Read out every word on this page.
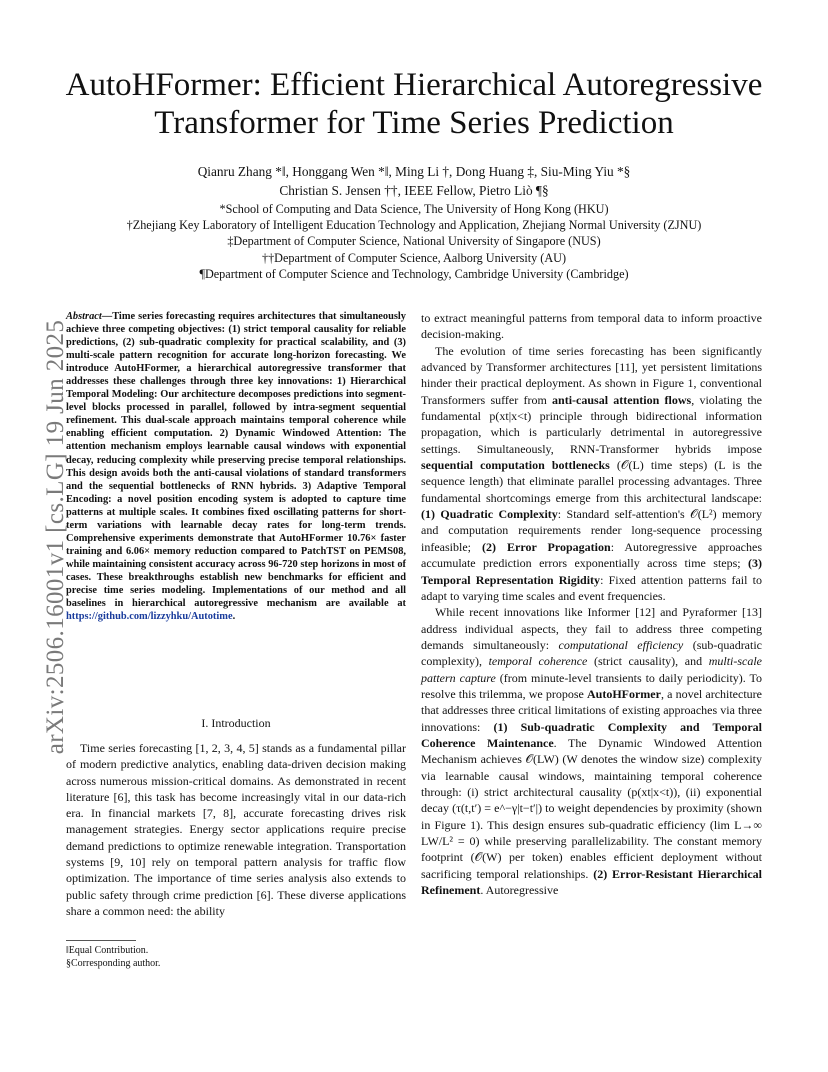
arXiv:2506.16001v1 [cs.LG] 19 Jun 2025
AutoHFormer: Efficient Hierarchical Autoregressive Transformer for Time Series Prediction
Qianru Zhang *‖, Honggang Wen *‖, Ming Li †, Dong Huang ‡, Siu-Ming Yiu *§
Christian S. Jensen ††, IEEE Fellow, Pietro Liò ¶§
*School of Computing and Data Science, The University of Hong Kong (HKU)
†Zhejiang Key Laboratory of Intelligent Education Technology and Application, Zhejiang Normal University (ZJNU)
‡Department of Computer Science, National University of Singapore (NUS)
††Department of Computer Science, Aalborg University (AU)
¶Department of Computer Science and Technology, Cambridge University (Cambridge)
Abstract—Time series forecasting requires architectures that simultaneously achieve three competing objectives: (1) strict temporal causality for reliable predictions, (2) sub-quadratic complexity for practical scalability, and (3) multi-scale pattern recognition for accurate long-horizon forecasting. We introduce AutoHFormer, a hierarchical autoregressive transformer that addresses these challenges through three key innovations: 1) Hierarchical Temporal Modeling: Our architecture decomposes predictions into segment-level blocks processed in parallel, followed by intra-segment sequential refinement. This dual-scale approach maintains temporal coherence while enabling efficient computation. 2) Dynamic Windowed Attention: The attention mechanism employs learnable causal windows with exponential decay, reducing complexity while preserving precise temporal relationships. This design avoids both the anti-causal violations of standard transformers and the sequential bottlenecks of RNN hybrids. 3) Adaptive Temporal Encoding: a novel position encoding system is adopted to capture time patterns at multiple scales. It combines fixed oscillating patterns for short-term variations with learnable decay rates for long-term trends. Comprehensive experiments demonstrate that AutoHFormer 10.76× faster training and 6.06× memory reduction compared to PatchTST on PEMS08, while maintaining consistent accuracy across 96-720 step horizons in most of cases. These breakthroughs establish new benchmarks for efficient and precise time series modeling. Implementations of our method and all baselines in hierarchical autoregressive mechanism are available at https://github.com/lizzyhku/Autotime.
I. Introduction

Time series forecasting [1, 2, 3, 4, 5] stands as a fundamental pillar of modern predictive analytics, enabling data-driven decision making across numerous mission-critical domains. As demonstrated in recent literature [6], this task has become increasingly vital in our data-rich era. In financial markets [7, 8], accurate forecasting drives risk management strategies. Energy sector applications require precise demand predictions to optimize renewable integration. Transportation systems [9, 10] rely on temporal pattern analysis for traffic flow optimization. The importance of time series analysis also extends to public safety through crime prediction [6]. These diverse applications share a common need: the ability

‖Equal Contribution.
§Corresponding author.

to extract meaningful patterns from temporal data to inform proactive decision-making.

The evolution of time series forecasting has been significantly advanced by Transformer architectures [11], yet persistent limitations hinder their practical deployment. As shown in Figure 1, conventional Transformers suffer from anti-causal attention flows, violating the fundamental p(xt|x<t) principle through bidirectional information propagation, which is particularly detrimental in autoregressive settings. Simultaneously, RNN-Transformer hybrids impose sequential computation bottlenecks (𝒪(L) time steps) (L is the sequence length) that eliminate parallel processing advantages. Three fundamental shortcomings emerge from this architectural landscape: (1) Quadratic Complexity: Standard self-attention's 𝒪(L²) memory and computation requirements render long-sequence processing infeasible; (2) Error Propagation: Autoregressive approaches accumulate prediction errors exponentially across time steps; (3) Temporal Representation Rigidity: Fixed attention patterns fail to adapt to varying time scales and event frequencies.

While recent innovations like Informer [12] and Pyraformer [13] address individual aspects, they fail to address three competing demands simultaneously: computational efficiency (sub-quadratic complexity), temporal coherence (strict causality), and multi-scale pattern capture (from minute-level transients to daily periodicity). To resolve this trilemma, we propose AutoHFormer, a novel architecture that addresses three critical limitations of existing approaches via three innovations: (1) Sub-quadratic Complexity and Temporal Coherence Maintenance. The Dynamic Windowed Attention Mechanism achieves 𝒪(LW) (W denotes the window size) complexity via learnable causal windows, maintaining temporal coherence through: (i) strict architectural causality (p(xt|x<t)), (ii) exponential decay (τ(t,t′) = e^−γ|t−t′|) to weight dependencies by proximity (shown in Figure 1). This design ensures sub-quadratic efficiency (lim L→∞ LW/L² = 0) while preserving parallelizability. The constant memory footprint (𝒪(W) per token) enables efficient deployment without sacrificing temporal relationships. (2) Error-Resistant Hierarchical Refinement. Autoregressive
